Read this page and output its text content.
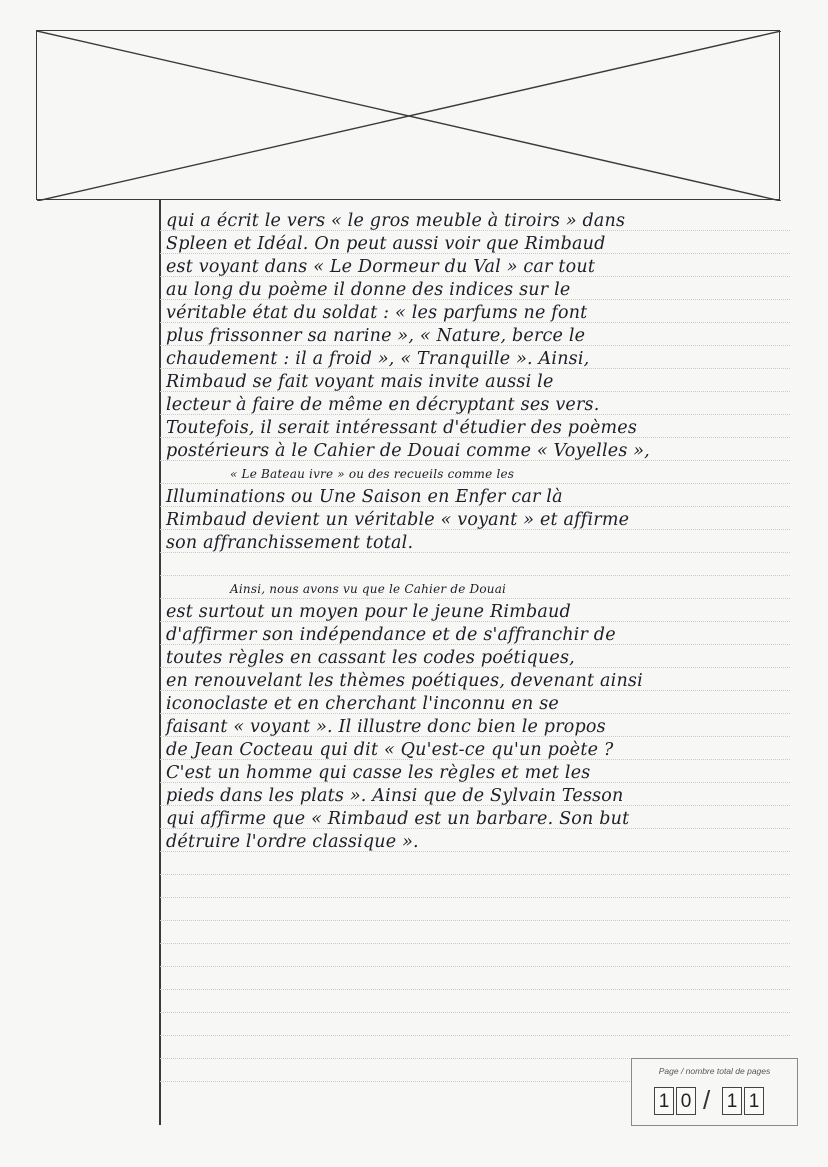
qui a écrit le vers « le gros meuble à tiroirs » dans
Spleen et Idéal. On peut aussi voir que Rimbaud
est voyant dans « Le Dormeur du Val » car tout
au long du poème il donne des indices sur le
véritable état du soldat : « les parfums ne font
plus frissonner sa narine », « Nature, berce le
chaudement : il a froid », « Tranquille ». Ainsi,
Rimbaud se fait voyant mais invite aussi le
lecteur à faire de même en décryptant ses vers.
Toutefois, il serait intéressant d'étudier des poèmes
postérieurs à le Cahier de Douai comme « Voyelles »,
« Le Bateau ivre » ou des recueils comme les
Illuminations ou Une Saison en Enfer car là
Rimbaud devient un véritable « voyant » et affirme
son affranchissement total.
Ainsi, nous avons vu que le Cahier de Douai
est surtout un moyen pour le jeune Rimbaud
d'affirmer son indépendance et de s'affranchir de
toutes règles en cassant les codes poétiques,
en renouvelant les thèmes poétiques, devenant ainsi
iconoclaste et en cherchant l'inconnu en se
faisant « voyant ». Il illustre donc bien le propos
de Jean Cocteau qui dit « Qu'est-ce qu'un poète ?
C'est un homme qui casse les règles et met les
pieds dans les plats ». Ainsi que de Sylvain Tesson
qui affirme que « Rimbaud est un barbare. Son but
détruire l'ordre classique ».
Page / nombre total de pages
1 0 / 1 1
